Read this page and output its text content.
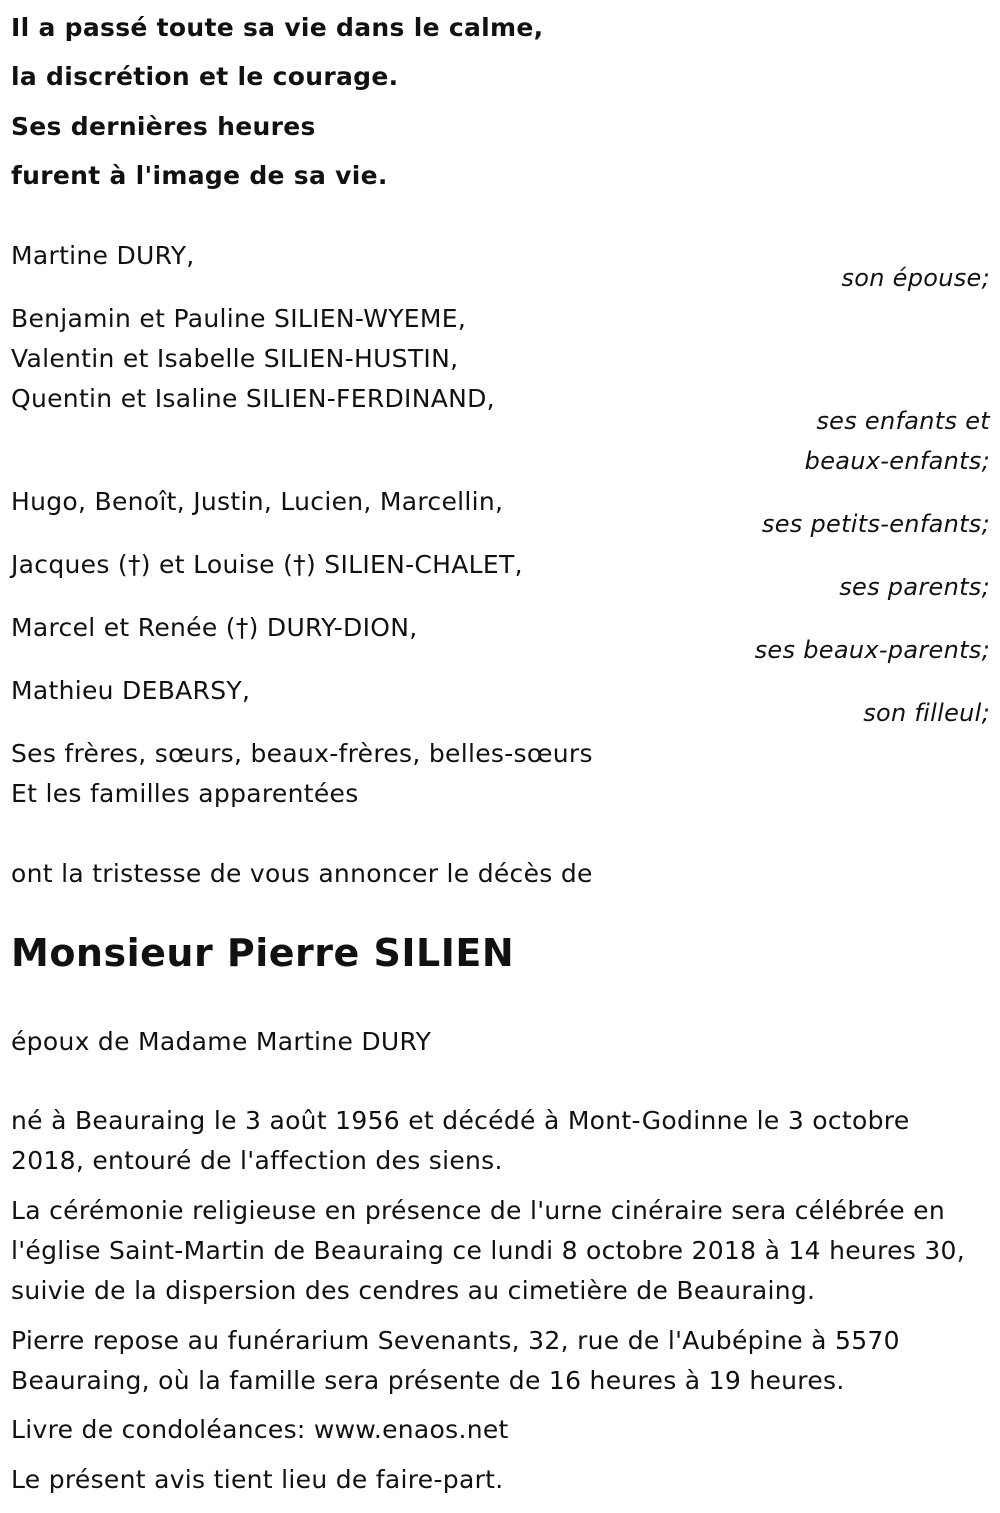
Il a passé toute sa vie dans le calme,
la discrétion et le courage.
Ses dernières heures
furent à l'image de sa vie.
Martine DURY,
son épouse;
Benjamin et Pauline SILIEN-WYEME,
Valentin et Isabelle SILIEN-HUSTIN,
Quentin et Isaline SILIEN-FERDINAND,
ses enfants et
beaux-enfants;
Hugo, Benoît, Justin, Lucien, Marcellin,
ses petits-enfants;
Jacques (†) et Louise (†) SILIEN-CHALET,
ses parents;
Marcel et Renée (†) DURY-DION,
ses beaux-parents;
Mathieu DEBARSY,
son filleul;
Ses frères, sœurs, beaux-frères, belles-sœurs
Et les familles apparentées
ont la tristesse de vous annoncer le décès de
Monsieur Pierre SILIEN
époux de Madame Martine DURY
né à Beauraing le 3 août 1956 et décédé à Mont-Godinne le 3 octobre
2018, entouré de l'affection des siens.
La cérémonie religieuse en présence de l'urne cinéraire sera célébrée en
l'église Saint-Martin de Beauraing ce lundi 8 octobre 2018 à 14 heures 30,
suivie de la dispersion des cendres au cimetière de Beauraing.
Pierre repose au funérarium Sevenants, 32, rue de l'Aubépine à 5570
Beauraing, où la famille sera présente de 16 heures à 19 heures.
Livre de condoléances: www.enaos.net
Le présent avis tient lieu de faire-part.
